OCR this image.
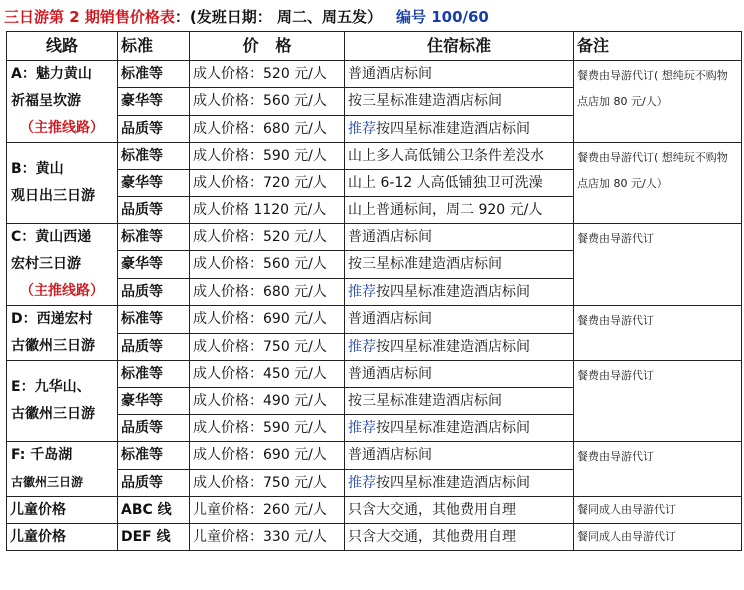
三日游第 2 期销售价格表：(发班日期： 周二、周五发） 编号 100/60
线路	标准	价   格	住宿标准	备注

A：魅力黄山
祈福呈坎游
（主推线路）	标准等	成人价格：520 元/人	普通酒店标间	餐费由导游代订( 想纯玩不购物点店加 80 元/人）
	豪华等	成人价格：560 元/人	按三星标准建造酒店标间	
	品质等	成人价格：680 元/人	推荐按四星标准建造酒店标间	

B：黄山
观日出三日游	标准等	成人价格：590 元/人	山上多人高低铺公卫条件差没水	餐费由导游代订( 想纯玩不购物点店加 80 元/人）
	豪华等	成人价格：720 元/人	山上 6-12 人高低铺独卫可洗澡	
	品质等	成人价格 1120 元/人	山上普通标间，周二 920 元/人	

C：黄山西递
宏村三日游
（主推线路）	标准等	成人价格：520 元/人	普通酒店标间	餐费由导游代订
	豪华等	成人价格：560 元/人	按三星标准建造酒店标间	
	品质等	成人价格：680 元/人	推荐按四星标准建造酒店标间	

D：西递宏村
古徽州三日游	标准等	成人价格：690 元/人	普通酒店标间	餐费由导游代订
	品质等	成人价格：750 元/人	推荐按四星标准建造酒店标间	

E：九华山、
古徽州三日游	标准等	成人价格：450 元/人	普通酒店标间	餐费由导游代订
	豪华等	成人价格：490 元/人	按三星标准建造酒店标间	
	品质等	成人价格：590 元/人	推荐按四星标准建造酒店标间	

F: 千岛湖
古徽州三日游	标准等	成人价格：690 元/人	普通酒店标间	餐费由导游代订
	品质等	成人价格：750 元/人	推荐按四星标准建造酒店标间	
儿童价格	ABC 线	儿童价格：260 元/人	只含大交通，其他费用自理	餐同成人由导游代订
儿童价格	DEF 线	儿童价格：330 元/人	只含大交通，其他费用自理	餐同成人由导游代订
